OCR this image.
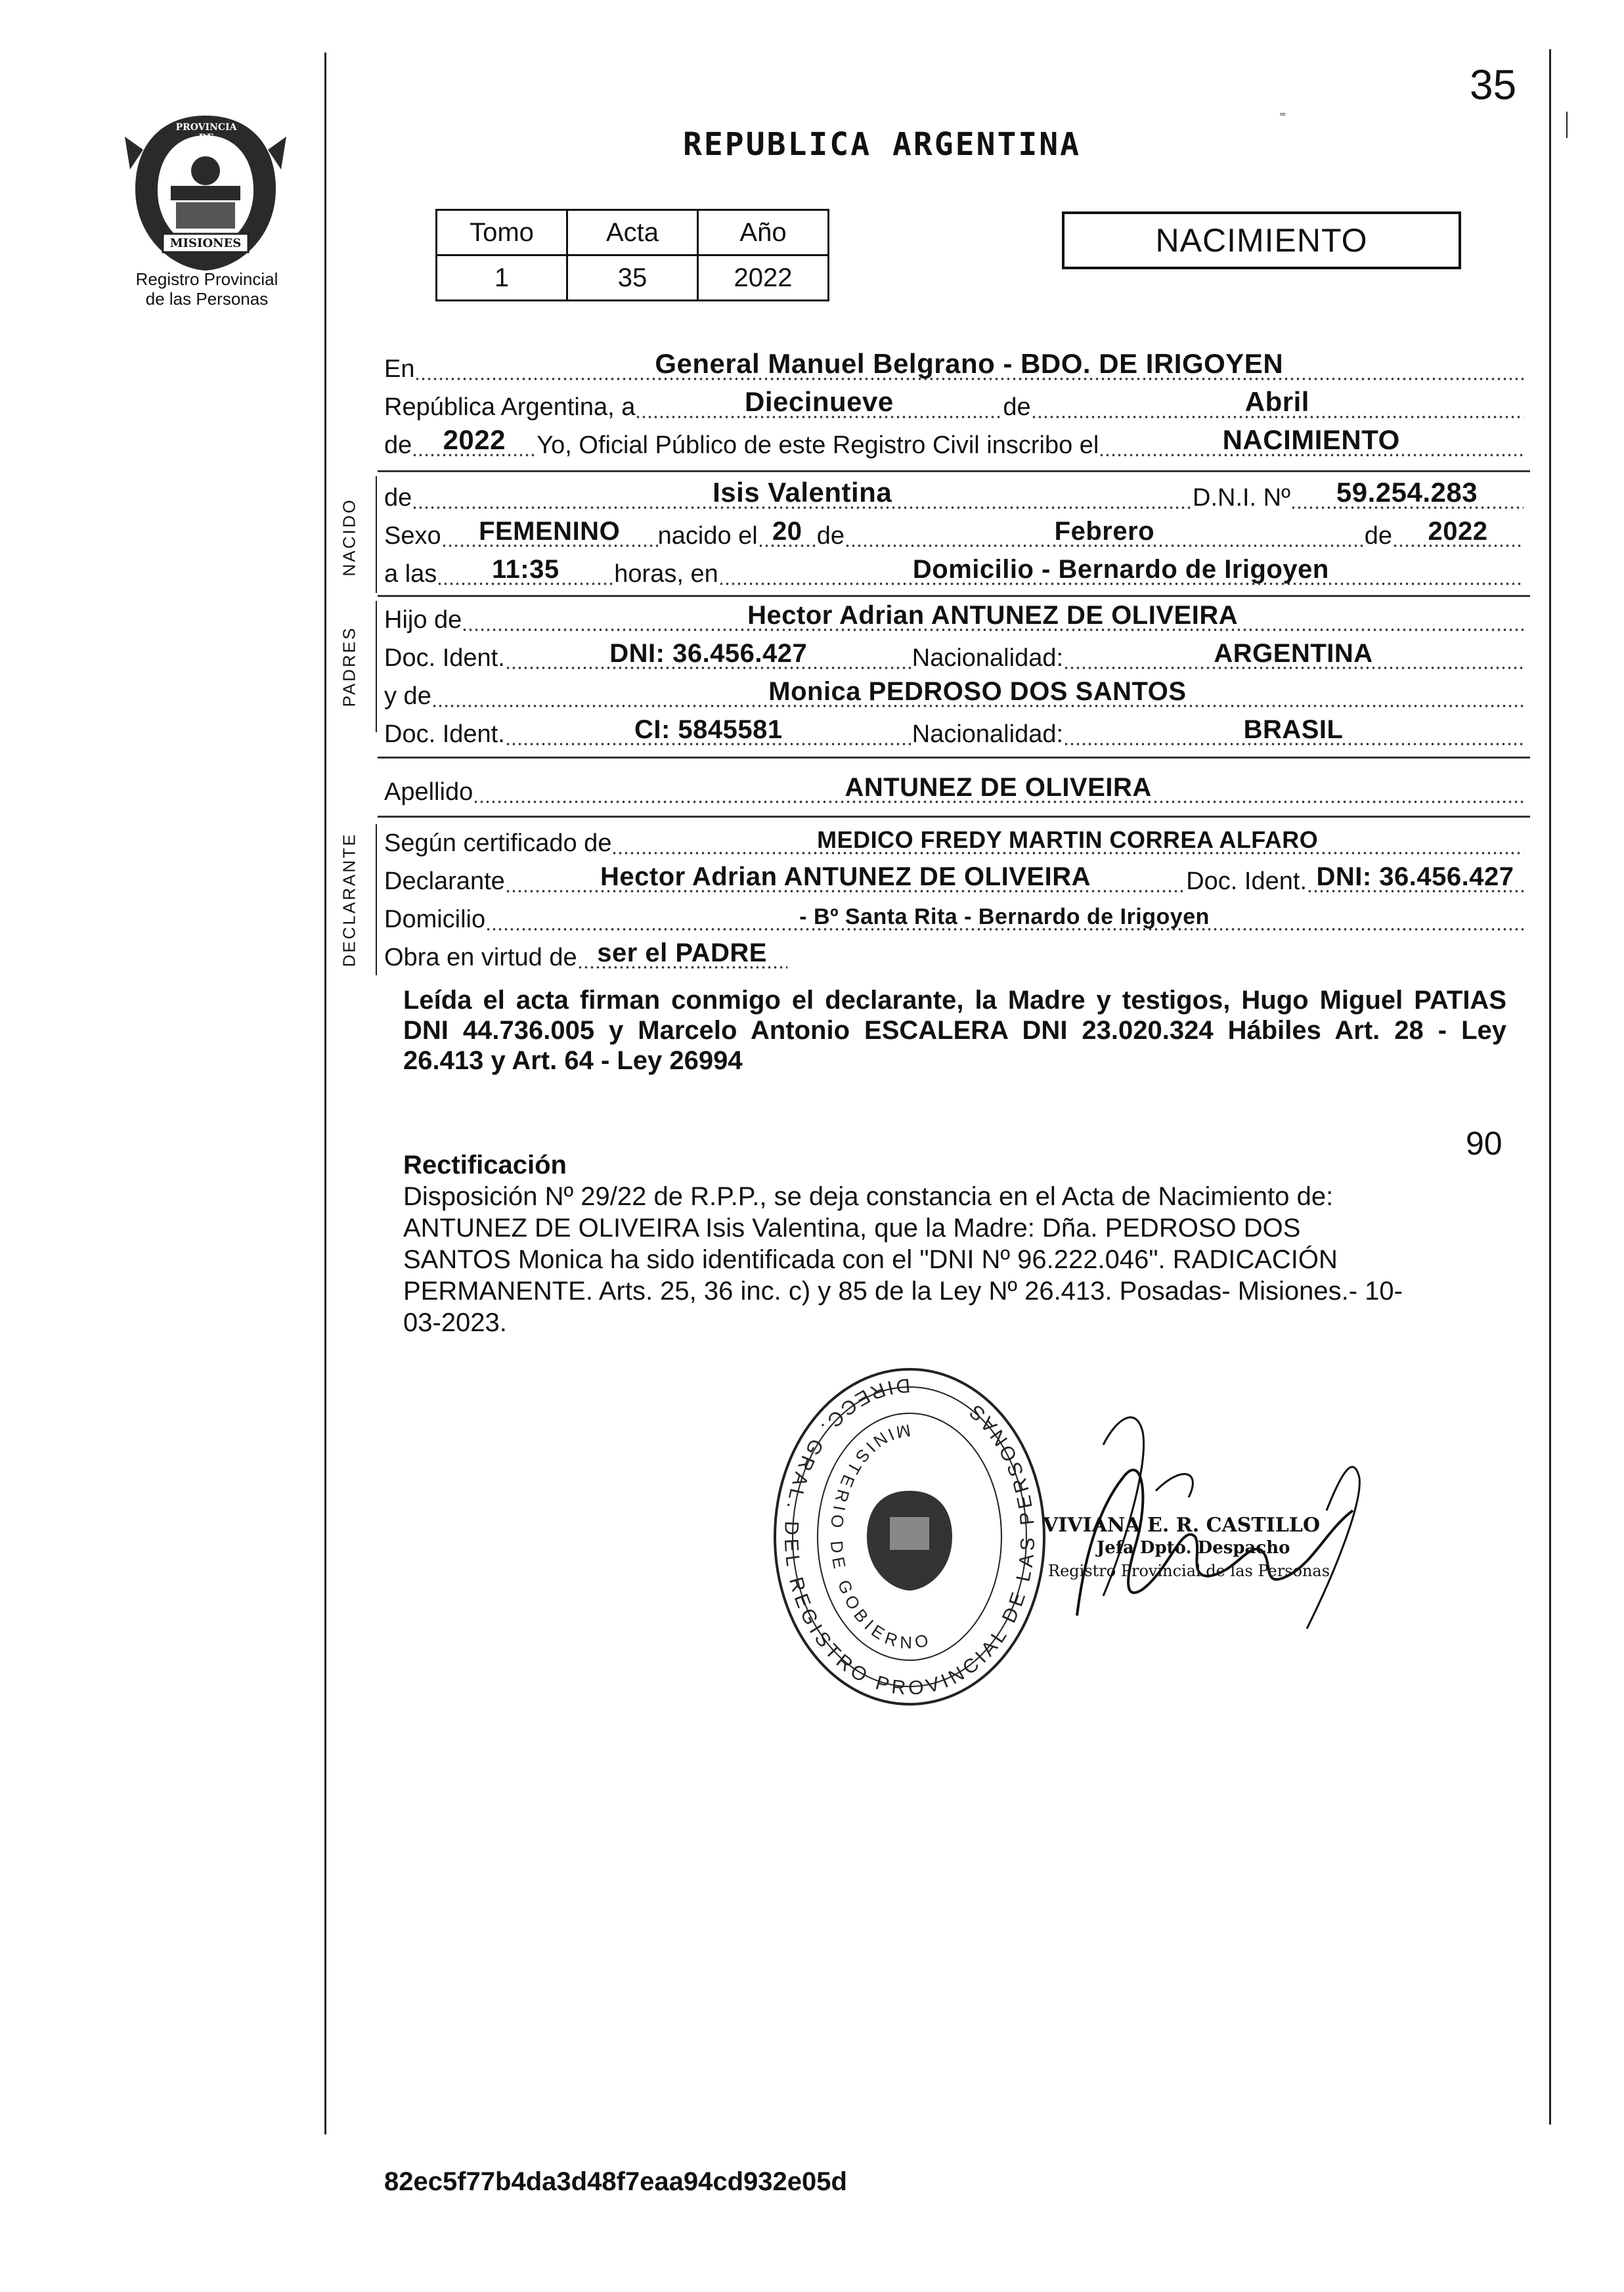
35
PROVINCIA DE
MISIONES
Registro Provincial
de las Personas
REPUBLICA ARGENTINA
⁼
NACIMIENTO
Tomo	Acta	Año
1	35	2022
En	General Manuel Belgrano - BDO. DE IRIGOYEN
República Argentina, a	Diecinueve	de	Abril
de	2022	Yo, Oficial Público de este Registro Civil inscribo el	NACIMIENTO
NACIDO de	Isis Valentina	D.N.I. Nº	59.254.283
Sexo	FEMENINO	nacido el 20 de	Febrero	de	2022
a las	11:35	horas, en	Domicilio - Bernardo de Irigoyen
PADRES
Hijo de	Hector Adrian ANTUNEZ DE OLIVEIRA
Doc. Ident.	DNI: 36.456.427	Nacionalidad:	ARGENTINA
y de	Monica PEDROSO DOS SANTOS
Doc. Ident.	CI: 5845581	Nacionalidad:	BRASIL
Apellido	ANTUNEZ DE OLIVEIRA
DECLARANTE Según certificado de	MEDICO FREDY MARTIN CORREA ALFARO
Declarante	Hector Adrian ANTUNEZ DE OLIVEIRA	Doc. Ident. DNI: 36.456.427
Domicilio	- Bº Santa Rita - Bernardo de Irigoyen
Obra en virtud de ser el PADRE
Leída el acta firman conmigo el declarante, la Madre y testigos, Hugo Miguel PATIAS DNI 44.736.005 y Marcelo Antonio ESCALERA DNI 23.020.324 Hábiles Art. 28 - Ley 26.413 y Art. 64 - Ley 26994
90
Rectificación
Disposición Nº 29/22 de R.P.P., se deja constancia en el Acta de Nacimiento de:
ANTUNEZ DE OLIVEIRA Isis Valentina, que la Madre: Dña. PEDROSO DOS
SANTOS Monica ha sido identificada con el "DNI Nº 96.222.046". RADICACIÓN
PERMANENTE. Arts. 25, 36 inc. c) y 85 de la Ley Nº 26.413. Posadas- Misiones.- 10-
03-2023.
DIRECC. GRAL. DEL REGISTRO PROVINCIAL DE LAS PERSONAS
MINISTERIO DE GOBIERNO
VIVIANA E. R. CASTILLO
Jefa Dpto. Despacho
Registro Provincial de las Personas
82ec5f77b4da3d48f7eaa94cd932e05d
